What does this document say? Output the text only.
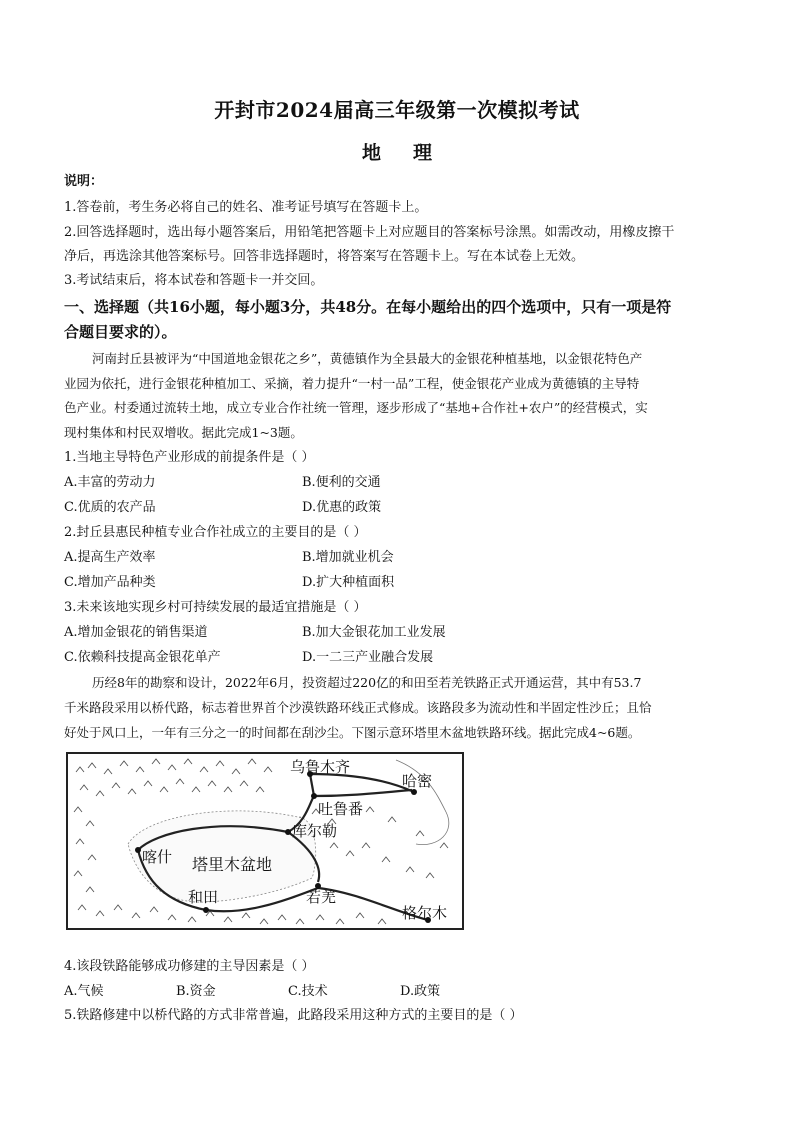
开封市2024届高三年级第一次模拟考试
地理
说明：
1.答卷前，考生务必将自己的姓名、准考证号填写在答题卡上。
2.回答选择题时，选出每小题答案后，用铅笔把答题卡上对应题目的答案标号涂黑。如需改动，用橡皮擦干
净后，再选涂其他答案标号。回答非选择题时，将答案写在答题卡上。写在本试卷上无效。
3.考试结束后，将本试卷和答题卡一并交回。
一、选择题（共16小题，每小题3分，共48分。在每小题给出的四个选项中，只有一项是符
合题目要求的）。
河南封丘县被评为“中国道地金银花之乡”，黄德镇作为全县最大的金银花种植基地，以金银花特色产
业园为依托，进行金银花种植加工、采摘，着力提升“一村一品”工程，使金银花产业成为黄德镇的主导特
色产业。村委通过流转土地，成立专业合作社统一管理，逐步形成了“基地+合作社+农户”的经营模式，实
现村集体和村民双增收。据此完成1~3题。
1.当地主导特色产业形成的前提条件是（ ）
A.丰富的劳动力	B.便利的交通
C.优质的农产品	D.优惠的政策
2.封丘县惠民种植专业合作社成立的主要目的是（ ）
A.提高生产效率	B.增加就业机会
C.增加产品种类	D.扩大种植面积
3.未来该地实现乡村可持续发展的最适宜措施是（ ）
A.增加金银花的销售渠道	B.加大金银花加工业发展
C.依赖科技提高金银花单产	D.一二三产业融合发展
历经8年的勘察和设计，2022年6月，投资超过220亿的和田至若羌铁路正式开通运营，其中有53.7
千米路段采用以桥代路，标志着世界首个沙漠铁路环线正式修成。该路段多为流动性和半固定性沙丘；且恰
好处于风口上，一年有三分之一的时间都在刮沙尘。下图示意环塔里木盆地铁路环线。据此完成4~6题。
乌鲁木齐
哈密
吐鲁番
库尔勒
喀什 塔里木盆地
和田	若羌
格尔木
4.该段铁路能够成功修建的主导因素是（ ）
A.气候	B.资金	C.技术	D.政策
5.铁路修建中以桥代路的方式非常普遍，此路段采用这种方式的主要目的是（ ）
